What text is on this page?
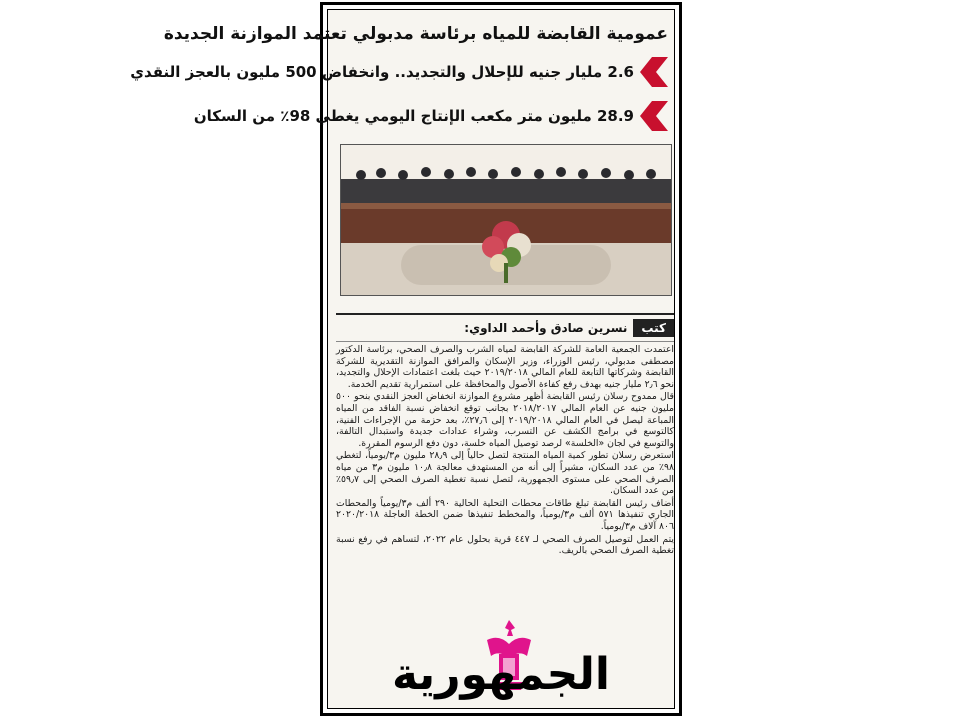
عمومية القابضة للمياه برئاسة مدبولي تعتمد الموازنة الجديدة
2.6 مليار جنيه للإحلال والتجديد.. وانخفاض 500 مليون بالعجز النقدي
28.9 مليون متر مكعب الإنتاج اليومي يغطي 98٪ من السكان
كتب
نسرين صادق وأحمد الداوي:

اعتمدت الجمعية العامة للشركة القابضة لمياه الشرب والصرف الصحي، برئاسة الدكتور مصطفى مدبولي، رئيس الوزراء، وزير الإسكان والمرافق الموازنة التقديرية للشركة القابضة وشركاتها التابعة للعام المالي ٢٠١٩/٢٠١٨ حيث بلغت اعتمادات الإحلال والتجديد، نحو ٢٫٦ مليار جنيه بهدف رفع كفاءة الأصول والمحافظة على استمرارية تقديم الخدمة.

قال ممدوح رسلان رئيس القابضة أظهر مشروع الموازنة انخفاض العجز النقدي بنحو ٥٠٠ مليون جنيه عن العام المالي ٢٠١٨/٢٠١٧ بجانب توقع انخفاض نسبة الفاقد من المياه المباعة ليصل في العام المالي ٢٠١٩/٢٠١٨ إلى ٢٧٫٦٪، بعد حزمة من الإجراءات الفنية، كالتوسع في برامج الكشف عن التسرب، وشراء عدادات جديدة واستبدال التالفة، والتوسع في لجان «الخلسة» لرصد توصيل المياه خلسة، دون دفع الرسوم المقررة.

استعرض رسلان تطور كمية المياه المنتجة لتصل حالياً إلى ٢٨٫٩ مليون م٣/يومياً، لتغطي ٩٨٪ من عدد السكان، مشيراً إلى أنه من المستهدف معالجة ١٠٫٨ مليون م٣ من مياه الصرف الصحي على مستوى الجمهورية، لتصل نسبة تغطية الصرف الصحي إلى ٥٩٫٧٪ من عدد السكان.

أضاف رئيس القابضة تبلغ طاقات محطات التحلية الحالية ٢٩٠ ألف م٣/يومياً والمحطات الجاري تنفيذها ٥٧١ ألف م٣/يومياً، والمخطط تنفيذها ضمن الخطة العاجلة ٢٠٢٠/٢٠١٨ ٨٠٦ آلاف م٣/يومياً.

يتم العمل لتوصيل الصرف الصحي لـ ٤٤٧ قرية بحلول عام ٢٠٢٢، لتساهم في رفع نسبة تغطية الصرف الصحي بالريف.

الجمهورية
